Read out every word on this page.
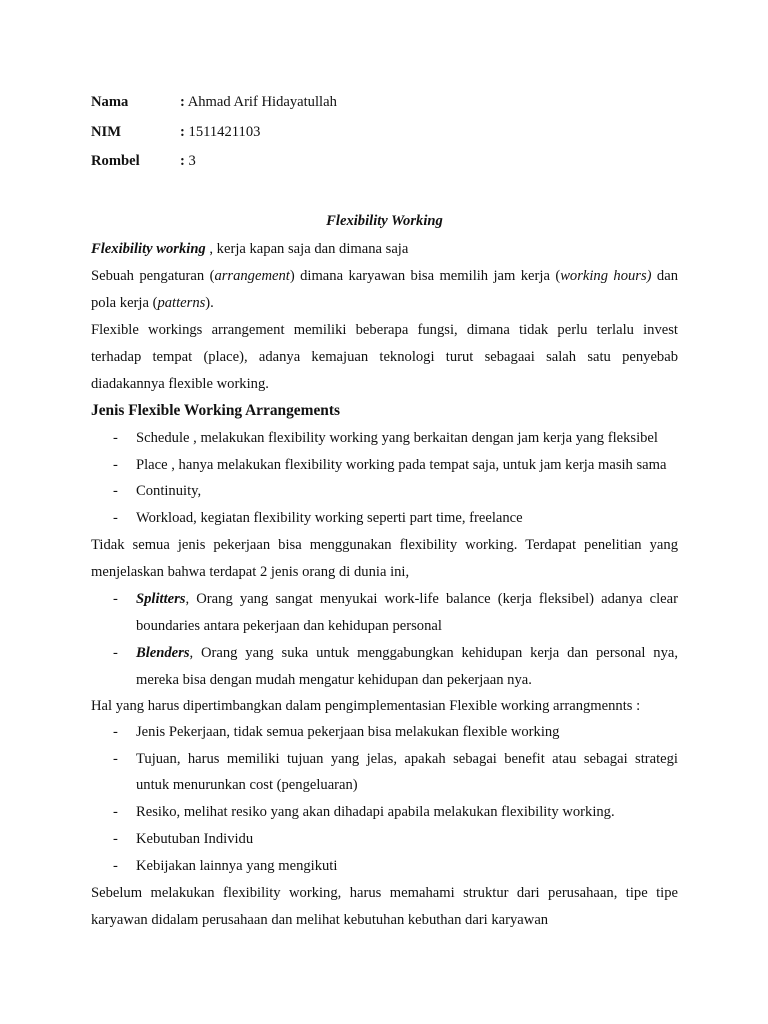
Nama	: Ahmad Arif Hidayatullah
NIM	: 1511421103
Rombel	: 3
Flexibility Working
Flexibility working , kerja kapan saja dan dimana saja
Sebuah pengaturan (arrangement) dimana karyawan bisa memilih jam kerja (working hours) dan
pola kerja (patterns).
Flexible workings arrangement memiliki beberapa fungsi, dimana tidak perlu terlalu invest
terhadap tempat (place), adanya kemajuan teknologi turut sebagaai salah satu penyebab
diadakannya flexible working.
Jenis Flexible Working Arrangements
- Schedule , melakukan flexibility working yang berkaitan dengan jam kerja yang fleksibel
- Place , hanya melakukan flexibility working pada tempat saja, untuk jam kerja masih sama
- Continuity,
- Workload, kegiatan flexibility working seperti part time, freelance
Tidak semua jenis pekerjaan bisa menggunakan flexibility working. Terdapat penelitian yang
menjelaskan bahwa terdapat 2 jenis orang di dunia ini,
- Splitters, Orang yang sangat menyukai work-life balance (kerja fleksibel) adanya clear
boundaries antara pekerjaan dan kehidupan personal
- Blenders, Orang yang suka untuk menggabungkan kehidupan kerja dan personal nya,
mereka bisa dengan mudah mengatur kehidupan dan pekerjaan nya.
Hal yang harus dipertimbangkan dalam pengimplementasian Flexible working arrangmennts :
- Jenis Pekerjaan, tidak semua pekerjaan bisa melakukan flexible working
- Tujuan, harus memiliki tujuan yang jelas, apakah sebagai benefit atau sebagai strategi
untuk menurunkan cost (pengeluaran)
- Resiko, melihat resiko yang akan dihadapi apabila melakukan flexibility working.
- Kebutuban Individu
- Kebijakan lainnya yang mengikuti
Sebelum melakukan flexibility working, harus memahami struktur dari perusahaan, tipe tipe
karyawan didalam perusahaan dan melihat kebutuhan kebuthan dari karyawan
